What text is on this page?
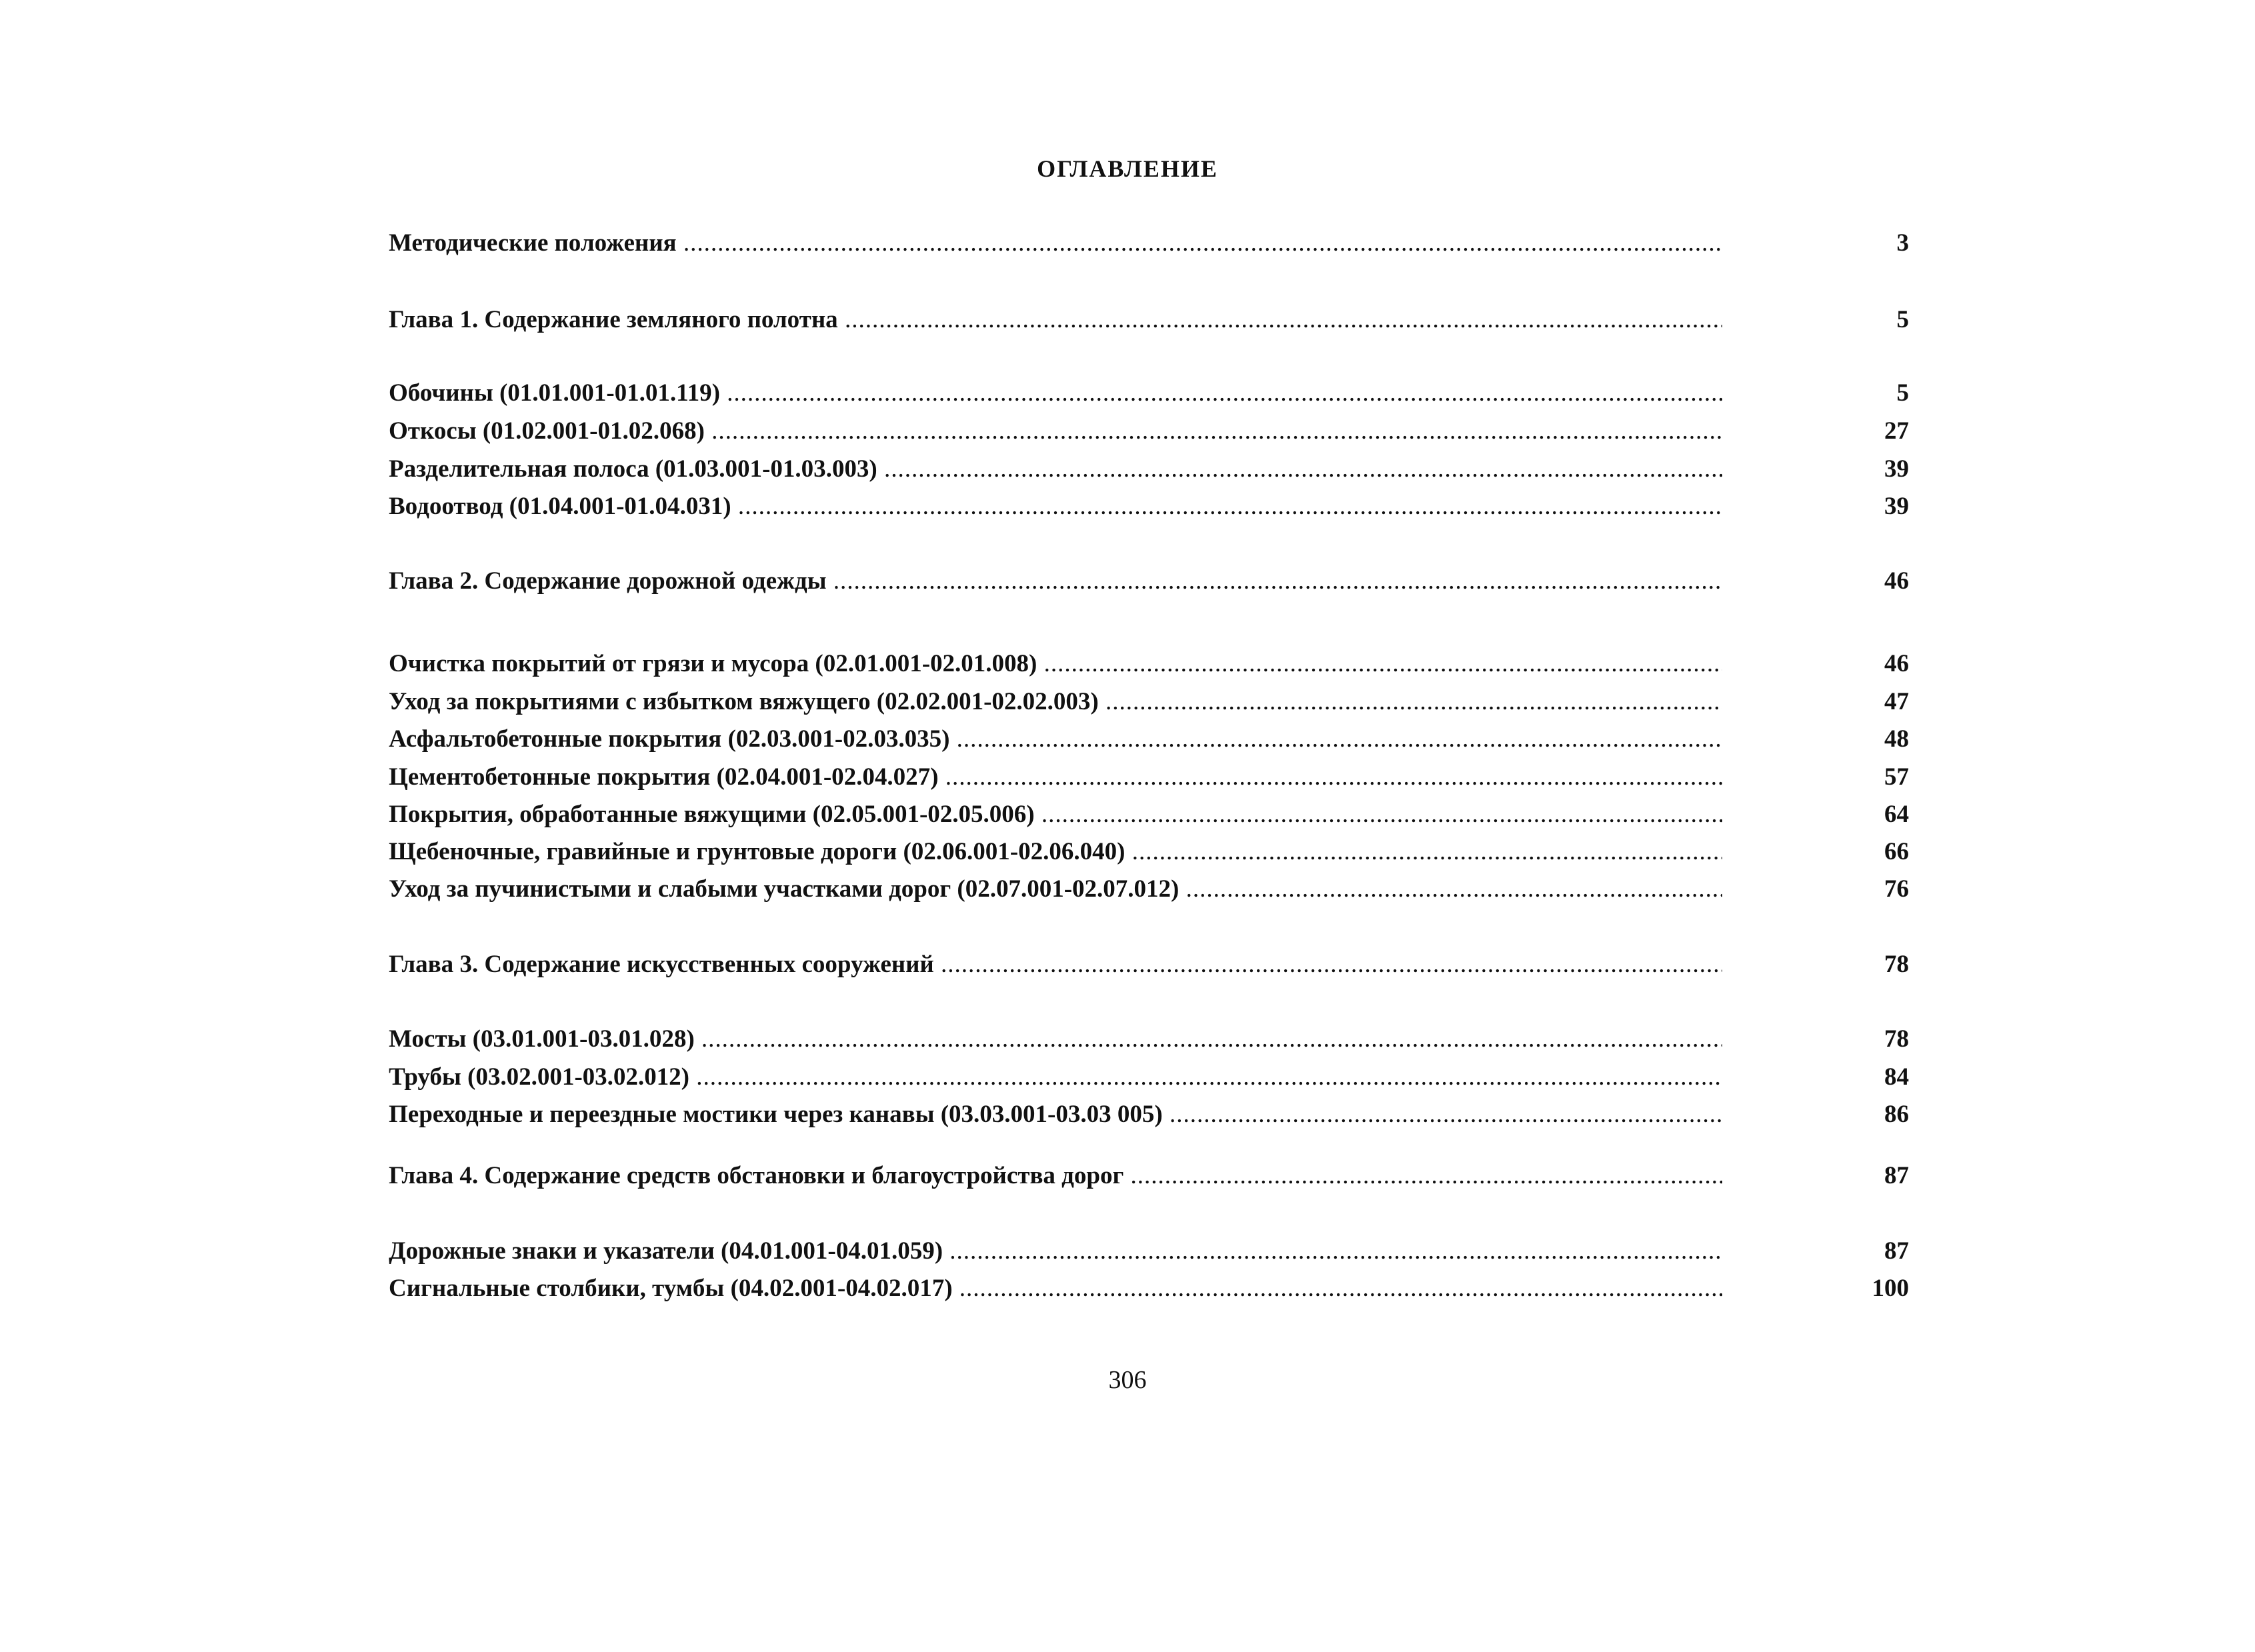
ОГЛАВЛЕНИЕ
Методические положения .....	3
Глава 1. Содержание земляного полотна .....	5
Обочины (01.01.001-01.01.119) .....	5
Откосы (01.02.001-01.02.068) .....	27
Разделительная полоса (01.03.001-01.03.003) .....	39
Водоотвод (01.04.001-01.04.031) .....	39
Глава 2. Содержание дорожной одежды .....	46
Очистка покрытий от грязи и мусора (02.01.001-02.01.008) .....	46
Уход за покрытиями с избытком вяжущего (02.02.001-02.02.003) .....	47
Асфальтобетонные покрытия (02.03.001-02.03.035) .....	48
Цементобетонные покрытия (02.04.001-02.04.027) .....	57
Покрытия, обработанные вяжущими (02.05.001-02.05.006) .....	64
Щебеночные, гравийные и грунтовые дороги (02.06.001-02.06.040) .....	66
Уход за пучинистыми и слабыми участками дорог (02.07.001-02.07.012) .....	76
Глава 3. Содержание искусственных сооружений .....	78
Мосты (03.01.001-03.01.028) .....	78
Трубы (03.02.001-03.02.012) .....	84
Переходные и переездные мостики через канавы (03.03.001-03.03 005) .....	86
Глава 4. Содержание средств обстановки и благоустройства дорог .....	87
Дорожные знаки и указатели (04.01.001-04.01.059) .....	87
Сигнальные столбики, тумбы (04.02.001-04.02.017) .....	100
306
